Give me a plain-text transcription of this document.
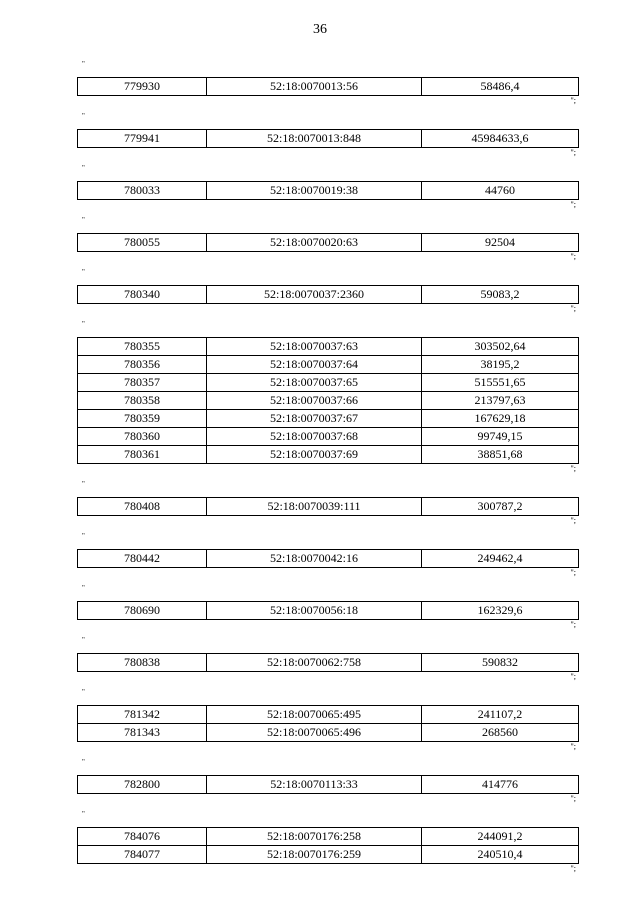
36
"
779930	52:18:0070013:56	58486,4
";
"
779941	52:18:0070013:848	45984633,6
";
"
780033	52:18:0070019:38	44760
";
"
780055	52:18:0070020:63	92504
";
"
780340	52:18:0070037:2360	59083,2
";
"
780355	52:18:0070037:63	303502,64
780356	52:18:0070037:64	38195,2
780357	52:18:0070037:65	515551,65
780358	52:18:0070037:66	213797,63
780359	52:18:0070037:67	167629,18
780360	52:18:0070037:68	99749,15
780361	52:18:0070037:69	38851,68
";
"
780408	52:18:0070039:111	300787,2
";
"
780442	52:18:0070042:16	249462,4
";
"
780690	52:18:0070056:18	162329,6
";
"
780838	52:18:0070062:758	590832
";
"
781342	52:18:0070065:495	241107,2
781343	52:18:0070065:496	268560
";
"
782800	52:18:0070113:33	414776
";
"
784076	52:18:0070176:258	244091,2
784077	52:18:0070176:259	240510,4
";
